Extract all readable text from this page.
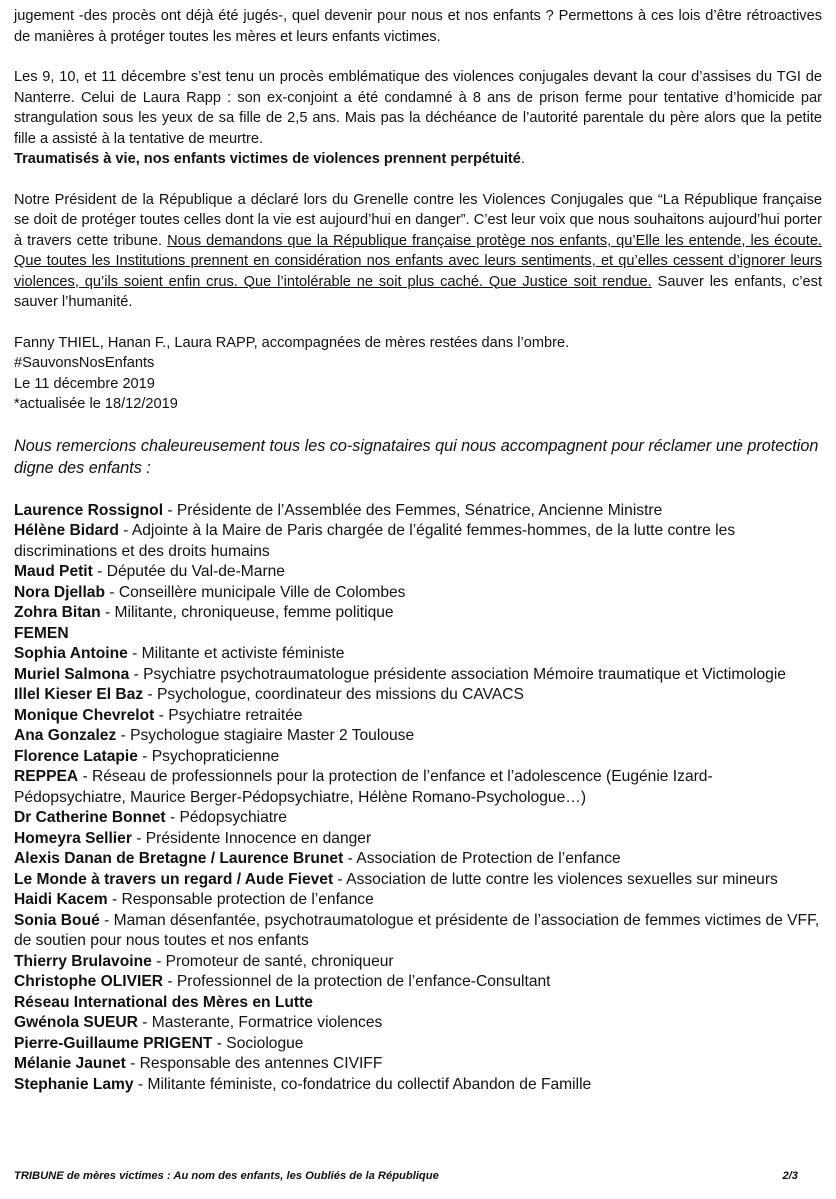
jugement -des procès ont déjà été jugés-, quel devenir pour nous et nos enfants ? Permettons à ces lois d’être rétroactives de manières à protéger toutes les mères et leurs enfants victimes.

Les 9, 10, et 11 décembre s’est tenu un procès emblématique des violences conjugales devant la cour d’assises du TGI de Nanterre. Celui de Laura Rapp : son ex-conjoint a été condamné à 8 ans de prison ferme pour tentative d’homicide par strangulation sous les yeux de sa fille de 2,5 ans. Mais pas la déchéance de l’autorité parentale du père alors que la petite fille a assisté à la tentative de meurtre.
Traumatisés à vie, nos enfants victimes de violences prennent perpétuité.

Notre Président de la République a déclaré lors du Grenelle contre les Violences Conjugales que “La République française se doit de protéger toutes celles dont la vie est aujourd’hui en danger”. C’est leur voix que nous souhaitons aujourd’hui porter à travers cette tribune. Nous demandons que la République française protège nos enfants, qu’Elle les entende, les écoute. Que toutes les Institutions prennent en considération nos enfants avec leurs sentiments, et qu’elles cessent d’ignorer leurs violences, qu’ils soient enfin crus. Que l’intolérable ne soit plus caché. Que Justice soit rendue. Sauver les enfants, c’est sauver l’humanité.

Fanny THIEL, Hanan F., Laura RAPP, accompagnées de mères restées dans l’ombre.

#SauvonsNosEnfants

Le 11 décembre 2019

*actualisée le 18/12/2019

Nous remercions chaleureusement tous les co-signataires qui nous accompagnent pour réclamer une protection digne des enfants :

Laurence Rossignol - Présidente de l’Assemblée des Femmes, Sénatrice, Ancienne Ministre
Hélène Bidard - Adjointe à la Maire de Paris chargée de l’égalité femmes-hommes, de la lutte contre les discriminations et des droits humains
Maud Petit - Députée du Val-de-Marne
Nora Djellab - Conseillère municipale Ville de Colombes
Zohra Bitan - Militante, chroniqueuse, femme politique
FEMEN
Sophia Antoine - Militante et activiste féministe
Muriel Salmona - Psychiatre psychotraumatologue présidente association Mémoire traumatique et Victimologie
Illel Kieser El Baz - Psychologue, coordinateur des missions du CAVACS
Monique Chevrelot - Psychiatre retraitée
Ana Gonzalez - Psychologue stagiaire Master 2 Toulouse
Florence Latapie - Psychopraticienne
REPPEA - Réseau de professionnels pour la protection de l’enfance et l’adolescence (Eugénie Izard-Pédopsychiatre, Maurice Berger-Pédopsychiatre, Hélène Romano-Psychologue…)
Dr Catherine Bonnet - Pédopsychiatre
Homeyra Sellier - Présidente Innocence en danger
Alexis Danan de Bretagne / Laurence Brunet - Association de Protection de l’enfance
Le Monde à travers un regard / Aude Fievet - Association de lutte contre les violences sexuelles sur mineurs
Haidi Kacem - Responsable protection de l’enfance
Sonia Boué - Maman désenfantée, psychotraumatologue et présidente de l’association de femmes victimes de VFF, de soutien pour nous toutes et nos enfants
Thierry Brulavoine - Promoteur de santé, chroniqueur
Christophe OLIVIER - Professionnel de la protection de l’enfance-Consultant
Réseau International des Mères en Lutte
Gwénola SUEUR - Masterante, Formatrice violences
Pierre-Guillaume PRIGENT - Sociologue
Mélanie Jaunet - Responsable des antennes CIVIFF
Stephanie Lamy - Militante féministe, co-fondatrice du collectif Abandon de Famille
TRIBUNE de mères victimes : Au nom des enfants, les Oubliés de la République	2/3
